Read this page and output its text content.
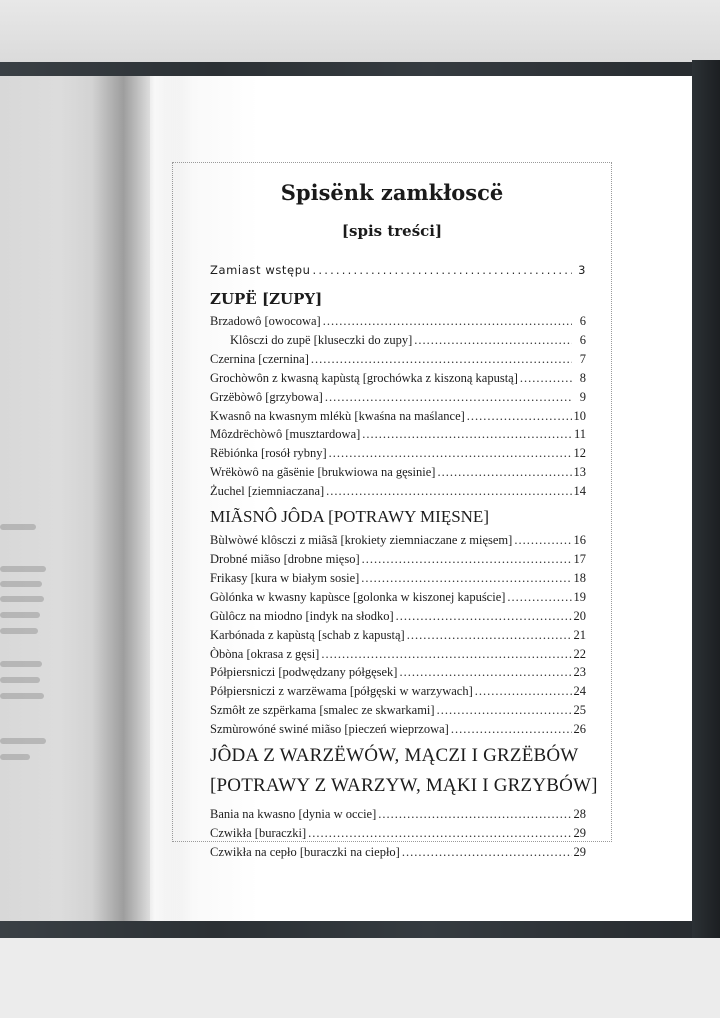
Spisënk zamkłoscë
[spis treści]
Zamiast wstępu .....	3
ZUPË [ZUPY]
Brzadowô [owocowa] .....	6
Klôsczi do zupë [kluseczki do zupy] .....	6
Czernina [czernina] .....	7
Grochòwôn z kwasną kapùstą [grochówka z kiszoną kapustą] .....	8
Grzëbòwô [grzybowa] .....	9
Kwasnô na kwasnym mlékù [kwaśna na maślance] .....	10
Môzdrëchòwô [musztardowa] .....	11
Rëbiónka [rosół rybny] .....	12
Wrëkòwô na gãsënie [brukwiowa na gęsinie] .....	13
Żuchel [ziemniaczana] .....	14
MIÃSNÔ JÔDA [POTRAWY MIĘSNE]
Bùlwòwé klôsczi z miãsã [krokiety ziemniaczane z mięsem] .....	16
Drobné miãso [drobne mięso] .....	17
Frikasy [kura w białym sosie] .....	18
Gòlónka w kwasny kapùsce [golonka w kiszonej kapuście] .....	19
Gùlôcz na miodno [indyk na słodko] .....	20
Karbónada z kapùstą [schab z kapustą] .....	21
Òbòna [okrasa z gęsi] .....	22
Półpiersniczi [podwędzany półgęsek] .....	23
Półpiersniczi z warzëwama [półgęski w warzywach] .....	24
Szmôłt ze szpërkama [smalec ze skwarkami] .....	25
Szmùrowóné swiné miãso [pieczeń wieprzowa] .....	26
JÔDA Z WARZËWÓW, MĄCZI I GRZËBÓW
[POTRAWY Z WARZYW, MĄKI I GRZYBÓW]
Bania na kwasno [dynia w occie] .....	28
Czwikła [buraczki] .....	29
Czwikła na cepło [buraczki na ciepło] .....	29
